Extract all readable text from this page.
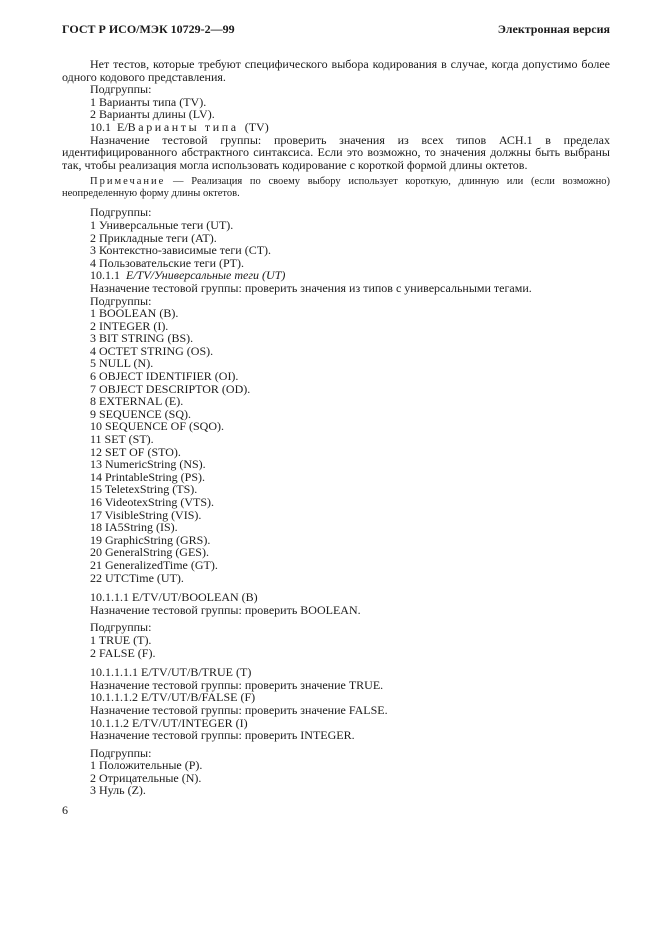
ГОСТ Р ИСО/МЭК 10729-2—99	Электронная версия

Нет тестов, которые требуют специфического выбора кодирования в случае, когда допустимо более одного кодового представления.

Подгруппы:

1 Варианты типа (TV).
2 Варианты длины (LV).

10.1 E/Варианты типа (TV)

Назначение тестовой группы: проверить значения из всех типов АСН.1 в пределах идентифицированного абстрактного синтаксиса. Если это возможно, то значения должны быть выбраны так, чтобы реализация могла использовать кодирование с короткой формой длины октетов.

Примечание — Реализация по своему выбору использует короткую, длинную или (если возможно) неопределенную форму длины октетов.

Подгруппы:

1 Универсальные теги (UT).
2 Прикладные теги (AT).
3 Контекстно-зависимые теги (CT).
4 Пользовательские теги (PT).

10.1.1 E/TV/Универсальные теги (UT)

Назначение тестовой группы: проверить значения из типов с универсальными тегами.

Подгруппы:

1 BOOLEAN (B).
2 INTEGER (I).
3 BIT STRING (BS).
4 OCTET STRING (OS).
5 NULL (N).
6 OBJECT IDENTIFIER (OI).
7 OBJECT DESCRIPTOR (OD).
8 EXTERNAL (E).
9 SEQUENCE (SQ).
10 SEQUENCE OF (SQO).
11 SET (ST).
12 SET OF (STO).
13 NumericString (NS).
14 PrintableString (PS).
15 TeletexString (TS).
16 VideotexString (VTS).
17 VisibleString (VIS).
18 IA5String (IS).
19 GraphicString (GRS).
20 GeneralString (GES).
21 GeneralizedTime (GT).
22 UTCTime (UT).

10.1.1.1 E/TV/UT/BOOLEAN (B)

Назначение тестовой группы: проверить BOOLEAN.

Подгруппы:

1 TRUE (T).
2 FALSE (F).

10.1.1.1.1 E/TV/UT/B/TRUE (T)

Назначение тестовой группы: проверить значение TRUE.

10.1.1.1.2 E/TV/UT/B/FALSE (F)

Назначение тестовой группы: проверить значение FALSE.

10.1.1.2 E/TV/UT/INTEGER (I)

Назначение тестовой группы: проверить INTEGER.

Подгруппы:

1 Положительные (P).
2 Отрицательные (N).
3 Нуль (Z).
6
